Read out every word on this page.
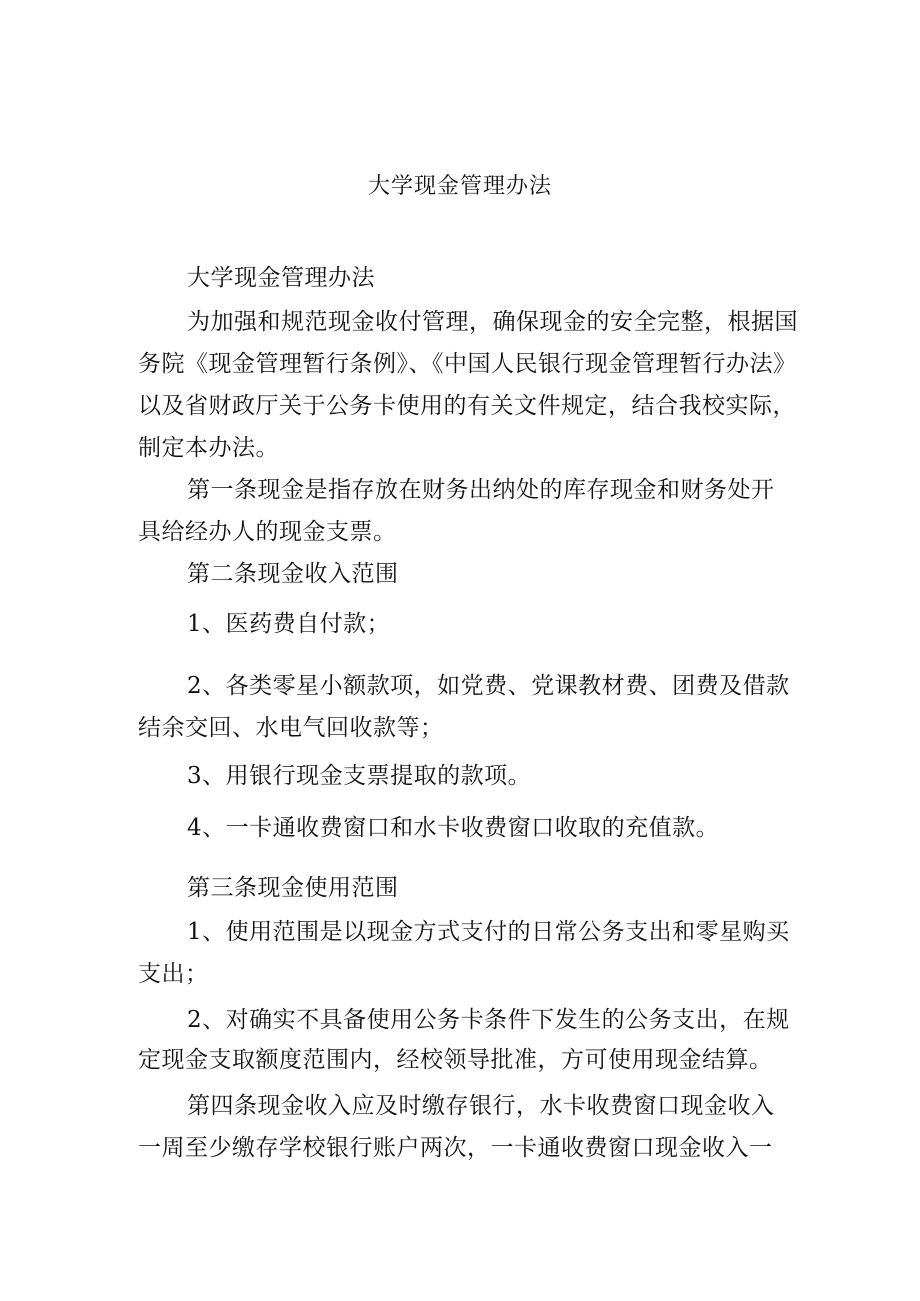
大学现金管理办法
大学现金管理办法
为加强和规范现金收付管理，确保现金的安全完整，根据国
务院《现金管理暂行条例》、《中国人民银行现金管理暂行办法》
以及省财政厅关于公务卡使用的有关文件规定，结合我校实际，
制定本办法。
第一条现金是指存放在财务出纳处的库存现金和财务处开
具给经办人的现金支票。
第二条现金收入范围
1、医药费自付款；
2、各类零星小额款项，如党费、党课教材费、团费及借款
结余交回、水电气回收款等；
3、用银行现金支票提取的款项。
4、一卡通收费窗口和水卡收费窗口收取的充值款。
第三条现金使用范围
1、使用范围是以现金方式支付的日常公务支出和零星购买
支出；
2、对确实不具备使用公务卡条件下发生的公务支出，在规
定现金支取额度范围内，经校领导批准，方可使用现金结算。
第四条现金收入应及时缴存银行，水卡收费窗口现金收入
一周至少缴存学校银行账户两次，一卡通收费窗口现金收入一
